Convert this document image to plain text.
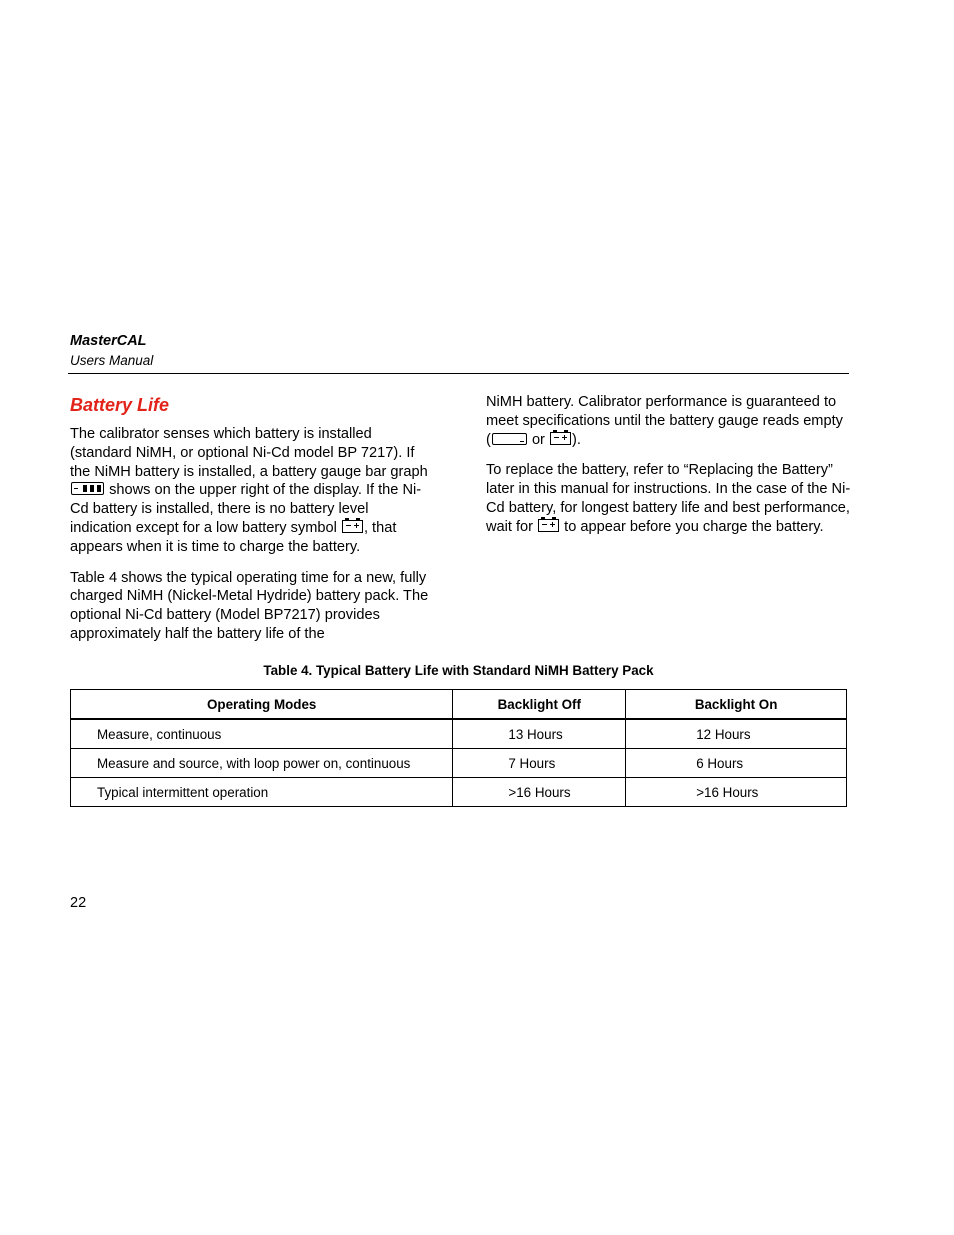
MasterCAL
Users Manual
Battery Life

The calibrator senses which battery is installed (standard NiMH, or optional Ni-Cd model BP 7217). If the NiMH battery is installed, a battery gauge bar graph
shows on the upper right of the display. If the Ni-Cd battery is installed, there is no battery level indication except for a low battery symbol , that appears when it is time to charge the battery.

Table 4 shows the typical operating time for a new, fully charged NiMH (Nickel-Metal Hydride) battery pack. The optional Ni-Cd battery (Model BP7217) provides approximately half the battery life of the

NiMH battery. Calibrator performance is guaranteed to meet specifications until the battery gauge reads empty (	or ).

To replace the battery, refer to “Replacing the Battery” later in this manual for instructions. In the case of the Ni-Cd battery, for longest battery life and best performance, wait for to appear before you charge the battery.

Table 4. Typical Battery Life with Standard NiMH Battery Pack
Operating Modes	Backlight Off	Backlight On
Measure, continuous	13 Hours	12 Hours
Measure and source, with loop power on, continuous	7 Hours	6 Hours
Typical intermittent operation	>16 Hours	>16 Hours
22
